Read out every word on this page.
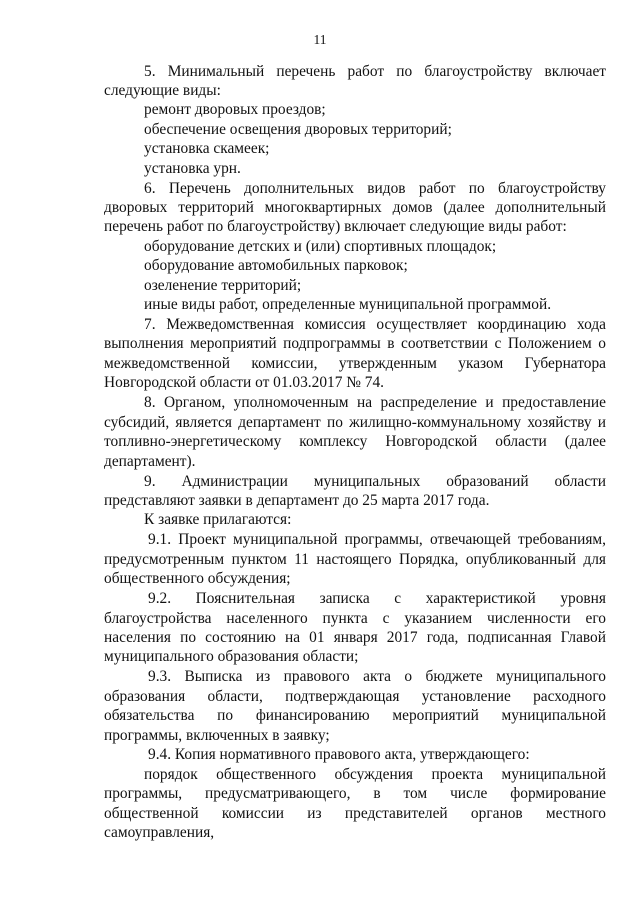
11
5. Минимальный перечень работ по благоустройству включает следующие виды:
ремонт дворовых проездов;
обеспечение освещения дворовых территорий;
установка скамеек;
установка урн.
6. Перечень дополнительных видов работ по благоустройству дворовых территорий многоквартирных домов (далее дополнительный перечень работ по благоустройству) включает следующие виды работ:
оборудование детских и (или) спортивных площадок;
оборудование автомобильных парковок;
озеленение территорий;
иные виды работ, определенные муниципальной программой.
7. Межведомственная комиссия осуществляет координацию хода выполнения мероприятий подпрограммы в соответствии с Положением о межведомственной комиссии, утвержденным указом Губернатора Новгородской области от 01.03.2017 № 74.
8. Органом, уполномоченным на распределение и предоставление субсидий, является департамент по жилищно-коммунальному хозяйству и топливно-энергетическому комплексу Новгородской области (далее департамент).
9. Администрации муниципальных образований области представляют заявки в департамент до 25 марта 2017 года.
К заявке прилагаются:
9.1. Проект муниципальной программы, отвечающей требованиям, предусмотренным пунктом 11 настоящего Порядка, опубликованный для общественного обсуждения;
9.2. Пояснительная записка с характеристикой уровня благоустройства населенного пункта с указанием численности его населения по состоянию на 01 января 2017 года, подписанная Главой муниципального образования области;
9.3. Выписка из правового акта о бюджете муниципального образования области, подтверждающая установление расходного обязательства по финансированию мероприятий муниципальной программы, включенных в заявку;
9.4. Копия нормативного правового акта, утверждающего:
порядок общественного обсуждения проекта муниципальной программы, предусматривающего, в том числе формирование общественной комиссии из представителей органов местного самоуправления,
